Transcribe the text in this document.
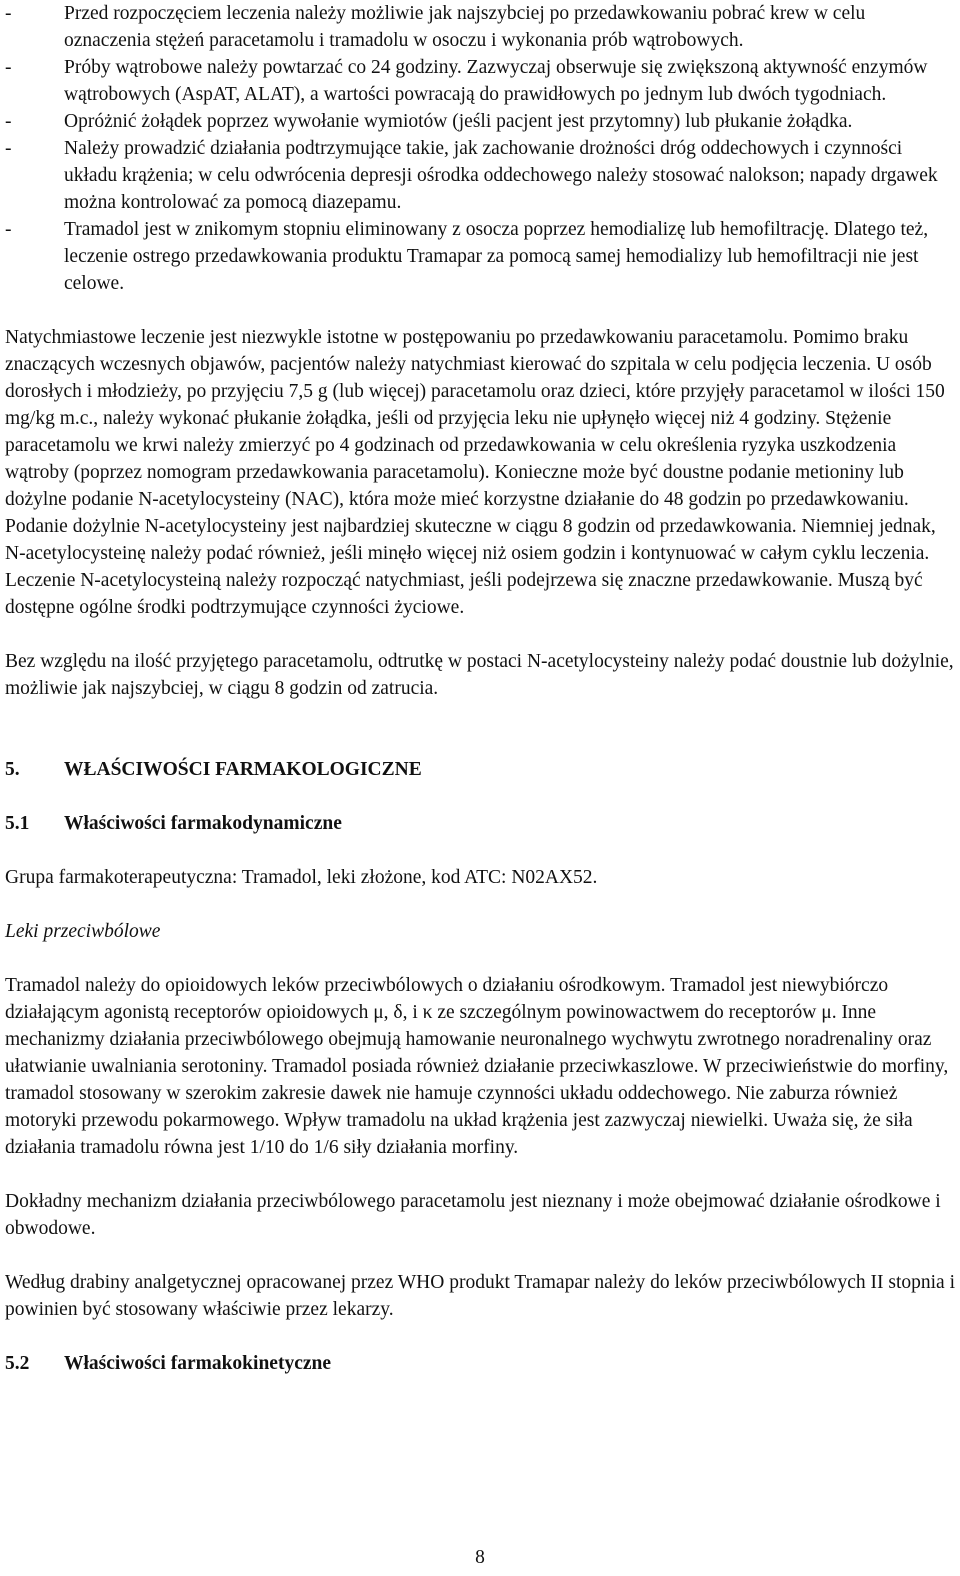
-	Przed rozpoczęciem leczenia należy możliwie jak najszybciej po przedawkowaniu pobrać krew w celu oznaczenia stężeń paracetamolu i tramadolu w osoczu i wykonania prób wątrobowych.
-	Próby wątrobowe należy powtarzać co 24 godziny. Zazwyczaj obserwuje się zwiększoną aktywność enzymów wątrobowych (AspAT, ALAT), a wartości powracają do prawidłowych po jednym lub dwóch tygodniach.
-	Opróżnić żołądek poprzez wywołanie wymiotów (jeśli pacjent jest przytomny) lub płukanie żołądka.
-	Należy prowadzić działania podtrzymujące takie, jak zachowanie drożności dróg oddechowych i czynności układu krążenia; w celu odwrócenia depresji ośrodka oddechowego należy stosować nalokson; napady drgawek można kontrolować za pomocą diazepamu.
-	Tramadol jest w znikomym stopniu eliminowany z osocza poprzez hemodializę lub hemofiltrację. Dlatego też, leczenie ostrego przedawkowania produktu Tramapar za pomocą samej hemodializy lub hemofiltracji nie jest celowe.

Natychmiastowe leczenie jest niezwykle istotne w postępowaniu po przedawkowaniu paracetamolu. Pomimo braku znaczących wczesnych objawów, pacjentów należy natychmiast kierować do szpitala w celu podjęcia leczenia. U osób dorosłych i młodzieży, po przyjęciu 7,5 g (lub więcej) paracetamolu oraz dzieci, które przyjęły paracetamol w ilości 150 mg/kg m.c., należy wykonać płukanie żołądka, jeśli od przyjęcia leku nie upłynęło więcej niż 4 godziny. Stężenie paracetamolu we krwi należy zmierzyć po 4 godzinach od przedawkowania w celu określenia ryzyka uszkodzenia wątroby (poprzez nomogram przedawkowania paracetamolu). Konieczne może być doustne podanie metioniny lub dożylne podanie N-acetylocysteiny (NAC), która może mieć korzystne działanie do 48 godzin po przedawkowaniu. Podanie dożylnie N-acetylocysteiny jest najbardziej skuteczne w ciągu 8 godzin od przedawkowania. Niemniej jednak, N-acetylocysteinę należy podać również, jeśli minęło więcej niż osiem godzin i kontynuować w całym cyklu leczenia. Leczenie N-acetylocysteiną należy rozpocząć natychmiast, jeśli podejrzewa się znaczne przedawkowanie. Muszą być dostępne ogólne środki podtrzymujące czynności życiowe.

Bez względu na ilość przyjętego paracetamolu, odtrutkę w postaci N-acetylocysteiny należy podać doustnie lub dożylnie, możliwie jak najszybciej, w ciągu 8 godzin od zatrucia.

5. WŁAŚCIWOŚCI FARMAKOLOGICZNE
5.1 Właściwości farmakodynamiczne

Grupa farmakoterapeutyczna: Tramadol, leki złożone, kod ATC: N02AX52.

Leki przeciwbólowe

Tramadol należy do opioidowych leków przeciwbólowych o działaniu ośrodkowym. Tramadol jest niewybiórczo działającym agonistą receptorów opioidowych μ, δ, i κ ze szczególnym powinowactwem do receptorów μ. Inne mechanizmy działania przeciwbólowego obejmują hamowanie neuronalnego wychwytu zwrotnego noradrenaliny oraz ułatwianie uwalniania serotoniny. Tramadol posiada również działanie przeciwkaszlowe. W przeciwieństwie do morfiny, tramadol stosowany w szerokim zakresie dawek nie hamuje czynności układu oddechowego. Nie zaburza również motoryki przewodu pokarmowego. Wpływ tramadolu na układ krążenia jest zazwyczaj niewielki. Uważa się, że siła działania tramadolu równa jest 1/10 do 1/6 siły działania morfiny.

Dokładny mechanizm działania przeciwbólowego paracetamolu jest nieznany i może obejmować działanie ośrodkowe i obwodowe.

Według drabiny analgetycznej opracowanej przez WHO produkt Tramapar należy do leków przeciwbólowych II stopnia i powinien być stosowany właściwie przez lekarzy.

5.2 Właściwości farmakokinetyczne
8
